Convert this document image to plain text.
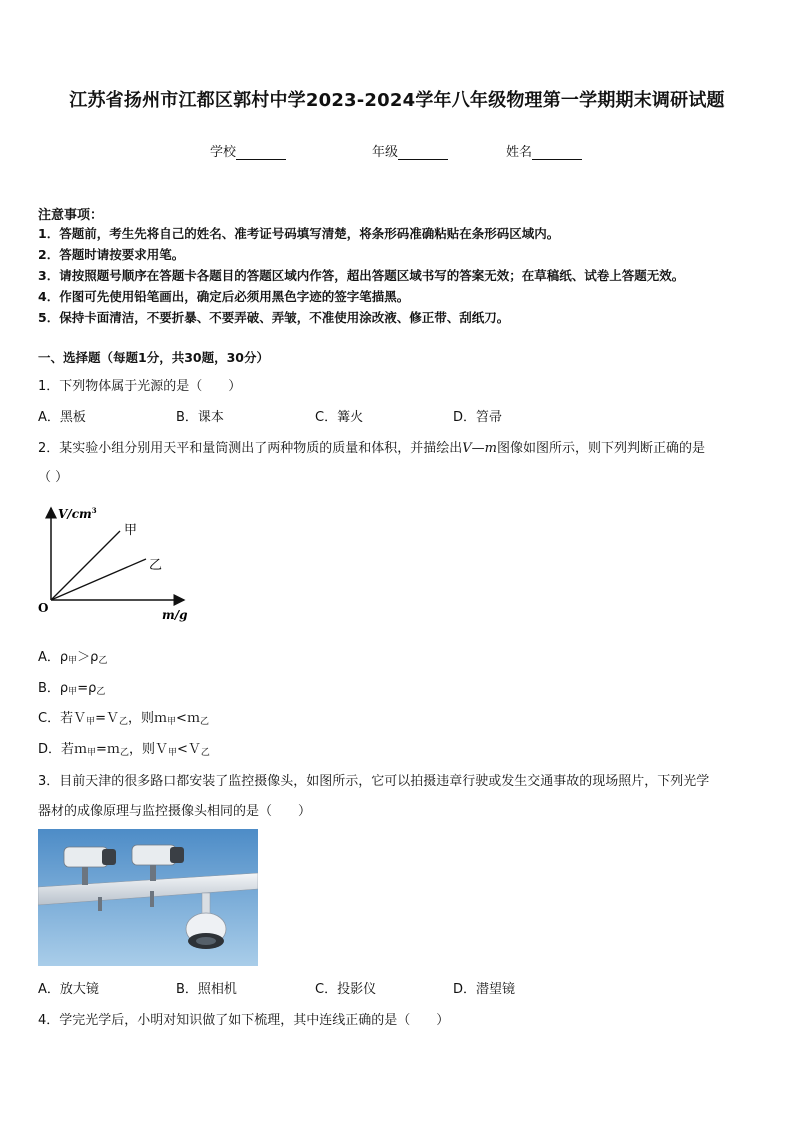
江苏省扬州市江都区郭村中学2023-2024学年八年级物理第一学期期末调研试题
学校	年级	姓名
注意事项：
1．答题前，考生先将自己的姓名、准考证号码填写清楚，将条形码准确粘贴在条形码区域内。
2．答题时请按要求用笔。
3．请按照题号顺序在答题卡各题目的答题区域内作答，超出答题区域书写的答案无效；在草稿纸、试卷上答题无效。
4．作图可先使用铅笔画出，确定后必须用黑色字迹的签字笔描黑。
5．保持卡面清洁，不要折暴、不要弄破、弄皱，不准使用涂改液、修正带、刮纸刀。
一、选择题（每题1分，共30题，30分）
1．下列物体属于光源的是（　　）
A．黑板	B．课本	C．篝火	D．笤帚
2．某实验小组分别用天平和量筒测出了两种物质的质量和体积，并描绘出V—m图像如图所示，则下列判断正确的是
（ ）
$V/cm^3$
m/g
O
甲
乙
A．$\rho_甲>\rho_乙$
B．$\rho_甲=\rho_乙$
C．若Ｖ$_甲$=Ｖ$_乙$，则ｍ$_甲$<ｍ$_乙$
D．若ｍ$_甲$=ｍ$_乙$，则Ｖ$_甲$<Ｖ$_乙$
3．目前天津的很多路口都安装了监控摄像头，如图所示，它可以拍摄违章行驶或发生交通事故的现场照片，下列光学
器材的成像原理与监控摄像头相同的是（　　）
A．放大镜	B．照相机	C．投影仪	D．潜望镜
4．学完光学后，小明对知识做了如下梳理，其中连线正确的是（　　）
